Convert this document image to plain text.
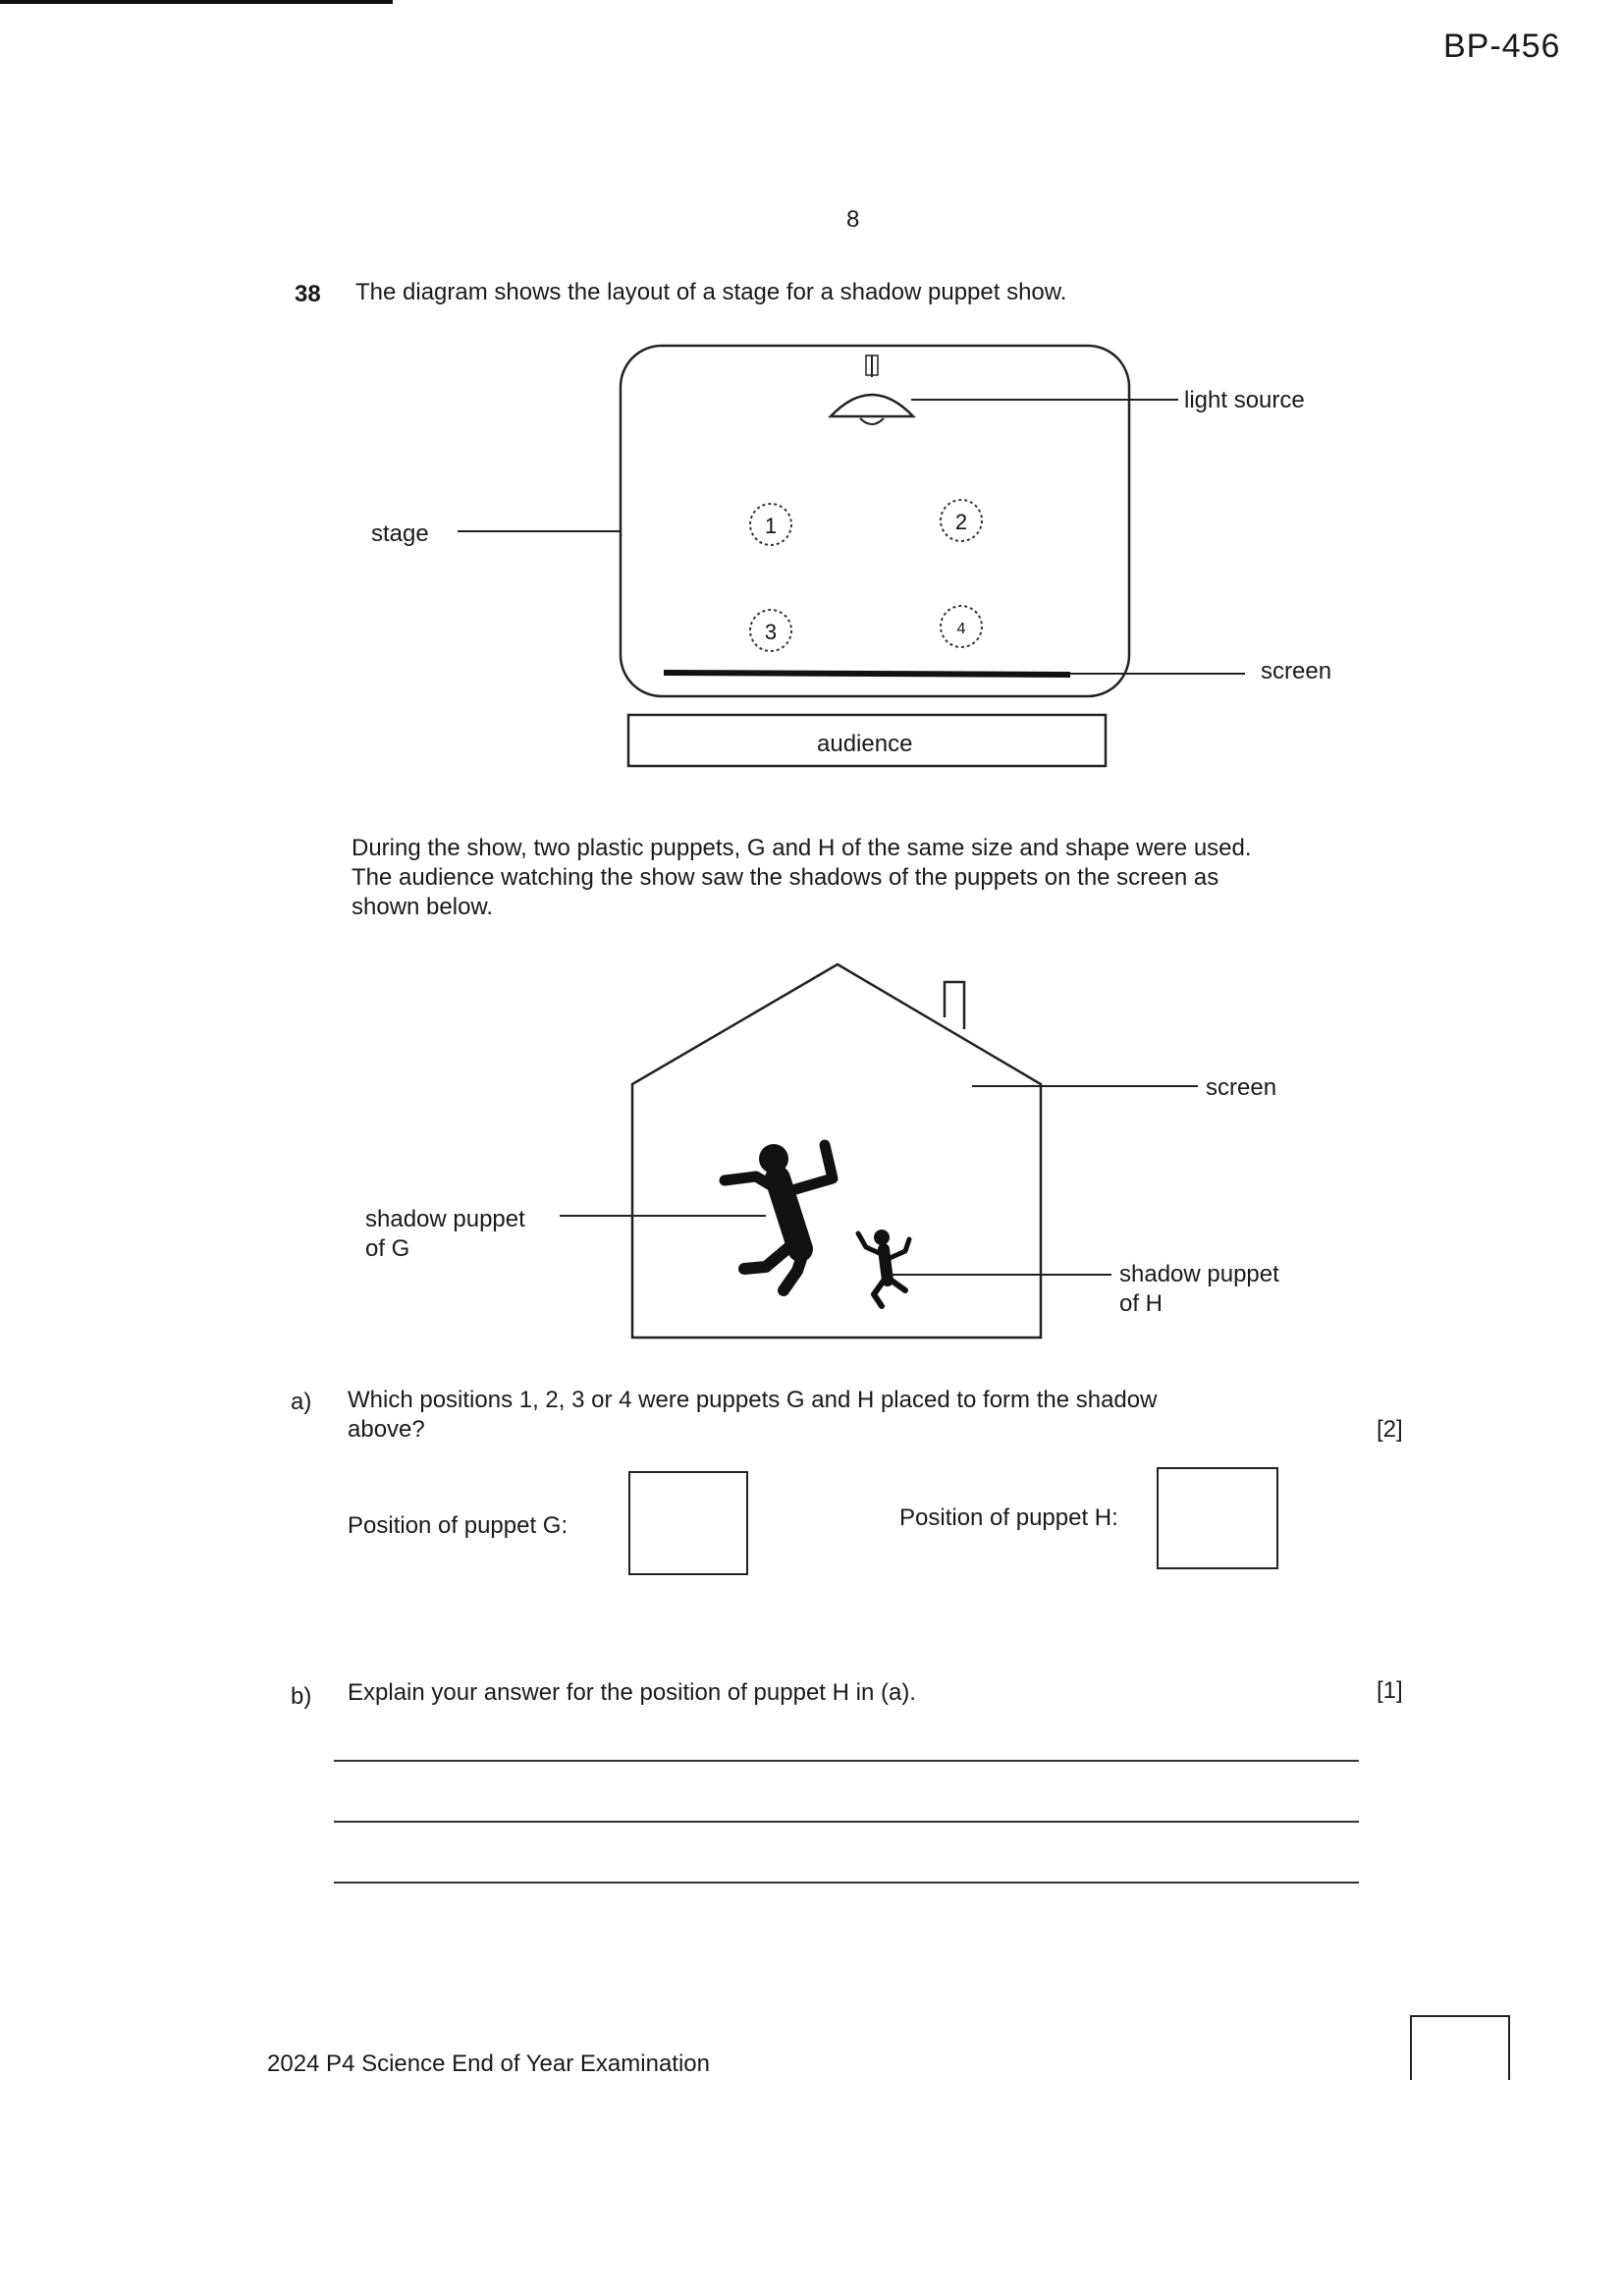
BP-456
8
38 The diagram shows the layout of a stage for a shadow puppet show.
1	2
3	4
light source
stage
screen
audience
During the show, two plastic puppets, G and H of the same size and shape were used.
The audience watching the show saw the shadows of the puppets on the screen as
shown below.
screen
shadow puppet
of G
shadow puppet
of H
a) Which positions 1, 2, 3 or 4 were puppets G and H placed to form the shadow
above?	[2]
Position of puppet G:	Position of puppet H:
b) Explain your answer for the position of puppet H in (a).	[1]
2024 P4 Science End of Year Examination
